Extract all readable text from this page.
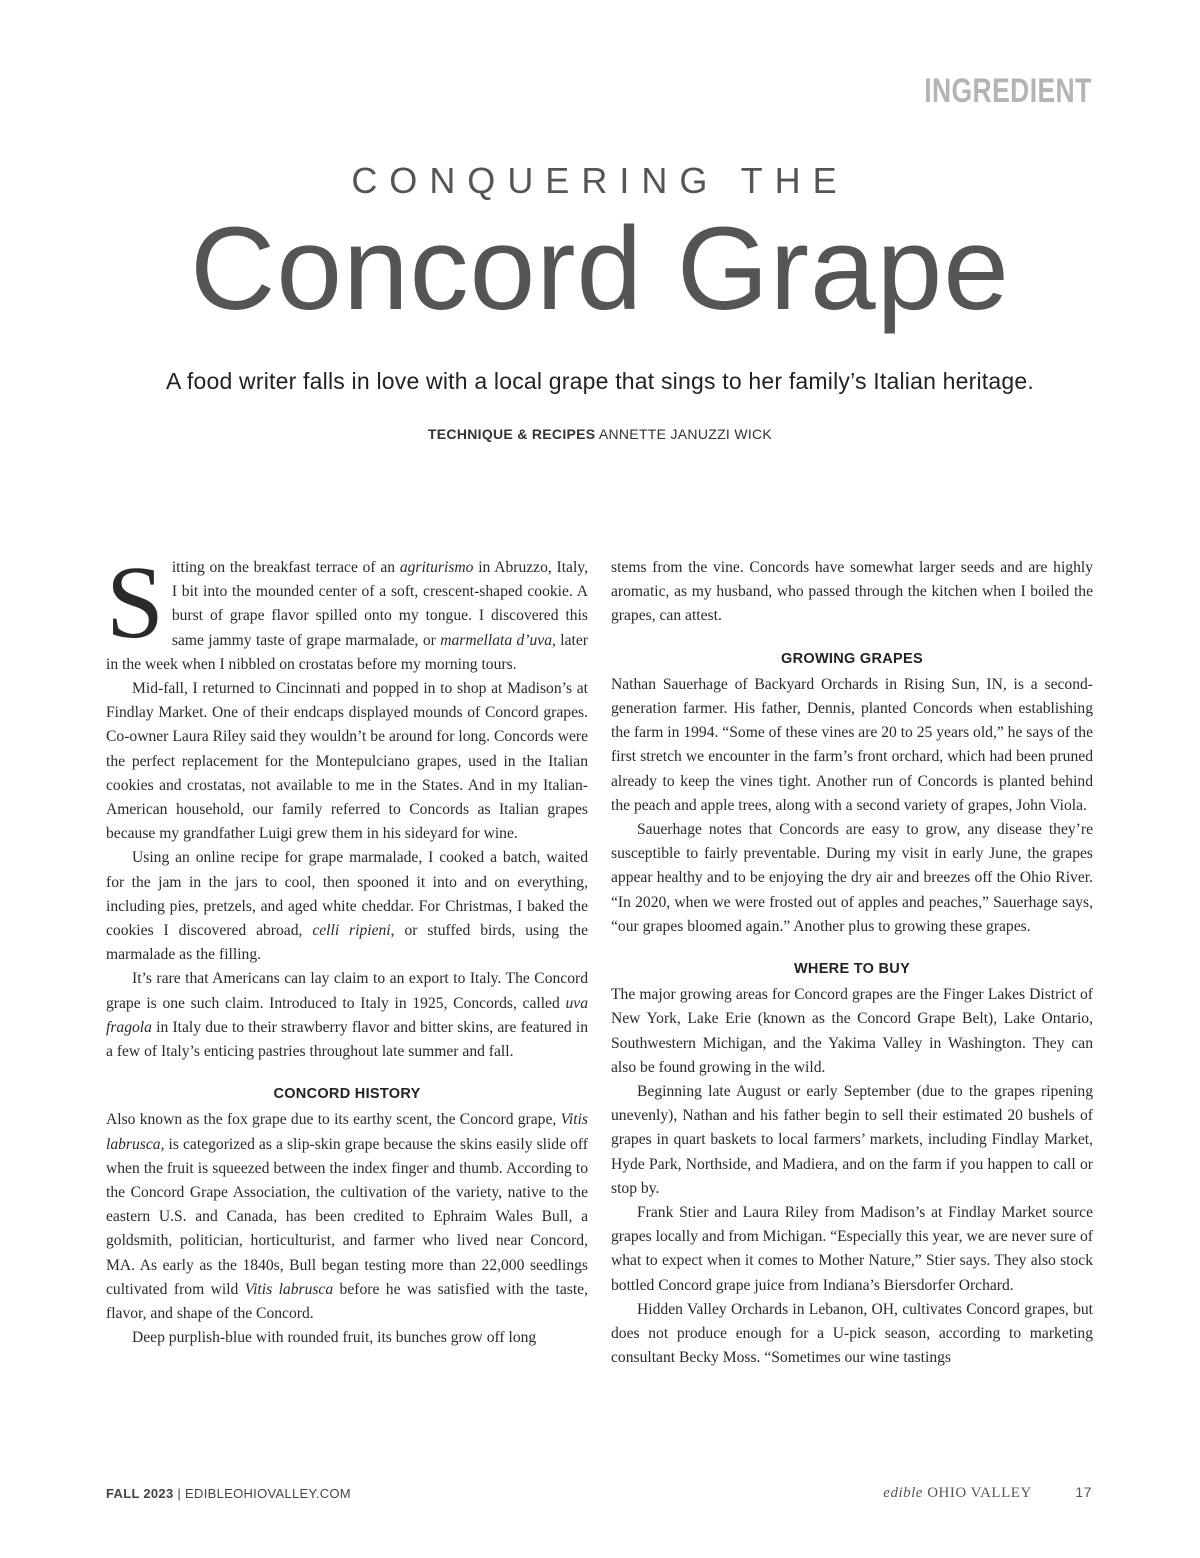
INGREDIENT
CONQUERING THE
Concord Grape
A food writer falls in love with a local grape that sings to her family’s Italian heritage.
TECHNIQUE & RECIPES ANNETTE JANUZZI WICK

Sitting on the breakfast terrace of an agriturismo in Abruzzo, Italy, I bit into the mounded center of a soft, crescent-shaped cookie. A burst of grape flavor spilled onto my tongue. I discovered this same jammy taste of grape marmalade, or marmellata d’uva, later in the week when I nibbled on crostatas before my morning tours.

Mid-fall, I returned to Cincinnati and popped in to shop at Madison’s at Findlay Market. One of their endcaps displayed mounds of Concord grapes. Co-owner Laura Riley said they wouldn’t be around for long. Concords were the perfect replacement for the Montepulciano grapes, used in the Italian cookies and crostatas, not available to me in the States. And in my Italian-American household, our family referred to Concords as Italian grapes because my grandfather Luigi grew them in his sideyard for wine.

Using an online recipe for grape marmalade, I cooked a batch, waited for the jam in the jars to cool, then spooned it into and on everything, including pies, pretzels, and aged white cheddar. For Christmas, I baked the cookies I discovered abroad, celli ripieni, or stuffed birds, using the marmalade as the filling.

It’s rare that Americans can lay claim to an export to Italy. The Concord grape is one such claim. Introduced to Italy in 1925, Concords, called uva fragola in Italy due to their strawberry flavor and bitter skins, are featured in a few of Italy’s enticing pastries throughout late summer and fall.

CONCORD HISTORY

Also known as the fox grape due to its earthy scent, the Concord grape, Vitis labrusca, is categorized as a slip-skin grape because the skins easily slide off when the fruit is squeezed between the index finger and thumb. According to the Concord Grape Association, the cultivation of the variety, native to the eastern U.S. and Canada, has been credited to Ephraim Wales Bull, a goldsmith, politician, horticulturist, and farmer who lived near Concord, MA. As early as the 1840s, Bull began testing more than 22,000 seedlings cultivated from wild Vitis labrusca before he was satisfied with the taste, flavor, and shape of the Concord.

Deep purplish-blue with rounded fruit, its bunches grow off long

stems from the vine. Concords have somewhat larger seeds and are highly aromatic, as my husband, who passed through the kitchen when I boiled the grapes, can attest.

GROWING GRAPES

Nathan Sauerhage of Backyard Orchards in Rising Sun, IN, is a second-generation farmer. His father, Dennis, planted Concords when establishing the farm in 1994. “Some of these vines are 20 to 25 years old,” he says of the first stretch we encounter in the farm’s front orchard, which had been pruned already to keep the vines tight. Another run of Concords is planted behind the peach and apple trees, along with a second variety of grapes, John Viola.

Sauerhage notes that Concords are easy to grow, any disease they’re susceptible to fairly preventable. During my visit in early June, the grapes appear healthy and to be enjoying the dry air and breezes off the Ohio River. “In 2020, when we were frosted out of apples and peaches,” Sauerhage says, “our grapes bloomed again.” Another plus to growing these grapes.

WHERE TO BUY

The major growing areas for Concord grapes are the Finger Lakes District of New York, Lake Erie (known as the Concord Grape Belt), Lake Ontario, Southwestern Michigan, and the Yakima Valley in Washington. They can also be found growing in the wild.

Beginning late August or early September (due to the grapes ripening unevenly), Nathan and his father begin to sell their estimated 20 bushels of grapes in quart baskets to local farmers’ markets, including Findlay Market, Hyde Park, Northside, and Madiera, and on the farm if you happen to call or stop by.

Frank Stier and Laura Riley from Madison’s at Findlay Market source grapes locally and from Michigan. “Especially this year, we are never sure of what to expect when it comes to Mother Nature,” Stier says. They also stock bottled Concord grape juice from Indiana’s Biersdorfer Orchard.

Hidden Valley Orchards in Lebanon, OH, cultivates Concord grapes, but does not produce enough for a U-pick season, according to marketing consultant Becky Moss. “Sometimes our wine tastings

FALL 2023 | EDIBLEOHIOVALLEY.COM	edible OHIO VALLEY	17
